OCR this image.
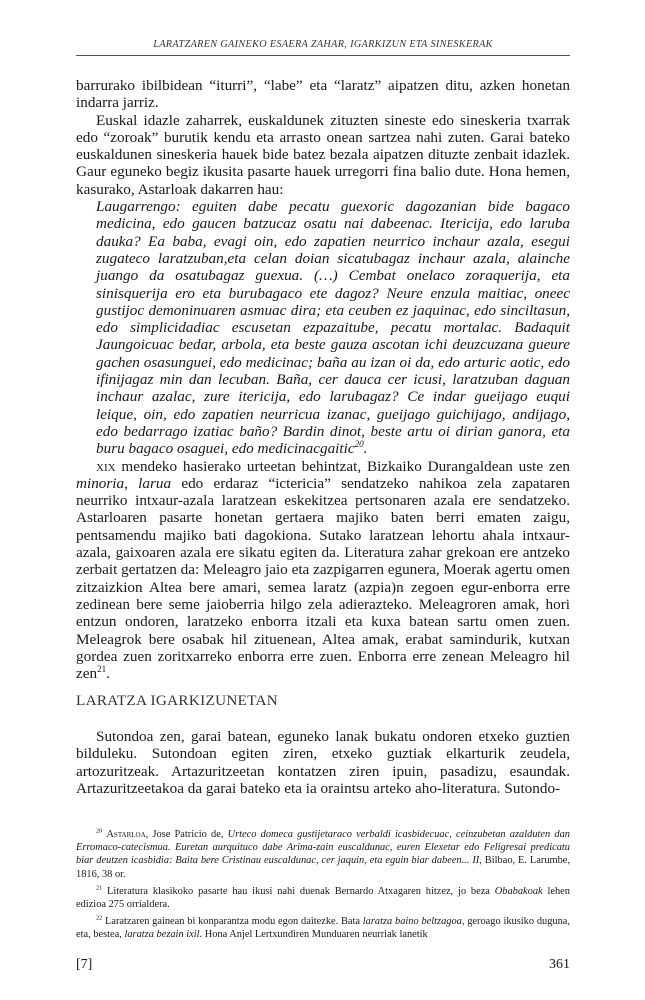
LARATZAREN GAINEKO ESAERA ZAHAR, IGARKIZUN ETA SINESKERAK

barrurako ibilbidean “iturri”, “labe” eta “laratz” aipatzen ditu, azken honetan indarra jarriz.

Euskal idazle zaharrek, euskaldunek zituzten sineste edo sineskeria txarrak edo “zoroak” burutik kendu eta arrasto onean sartzea nahi zuten. Garai bateko euskaldunen sineskeria hauek bide batez bezala aipatzen dituzte zenbait idazlek. Gaur eguneko begiz ikusita pasarte hauek urregorri fina balio dute. Hona hemen, kasurako, Astarloak dakarren hau:

Laugarrengo: eguiten dabe pecatu guexoric dagozanian bide bagaco medicina, edo gaucen batzucaz osatu nai dabeenac. Itericija, edo laruba dauka? Ea baba, evagi oin, edo zapatien neurrico inchaur azala, esegui zugateco laratzuban,eta celan doian sicatubagaz inchaur azala, alainche juango da osatubagaz guexua. (…) Cembat onelaco zoraquerija, eta sinisquerija ero eta burubagaco ete dagoz? Neure enzula maitiac, oneec gustijoc demoninuaren asmuac dira; eta ceuben ez jaquinac, edo sinciltasun, edo simplicidadiac escusetan ezpazaitube, pecatu mortalac. Badaquit Jaungoicuac bedar, arbola, eta beste gauza ascotan ichi deuzcuzana gueure gachen osasunguei, edo medicinac; baña au izan oi da, edo arturic aotic, edo ifinijagaz min dan lecuban. Baña, cer dauca cer icusi, laratzuban daguan inchaur azalac, zure itericija, edo larubagaz? Ce indar gueijago euqui leique, oin, edo zapatien neurricua izanac, gueijago guichijago, andijago, edo bedarrago izatiac baño? Bardin dinot, beste artu oi dirian ganora, eta buru bagaco osaguei, edo medicinacgaitic$^{20}$.

xix mendeko hasierako urteetan behintzat, Bizkaiko Durangaldean uste zen minoria, larua edo erdaraz “ictericia” sendatzeko nahikoa zela zapataren neurriko intxaur-azala laratzean eskekitzea pertsonaren azala ere sendatzeko. Astarloaren pasarte honetan gertaera majiko baten berri ematen zaigu, pentsamendu majiko bati dagokiona. Sutako laratzean lehortu ahala intxaur-azala, gaixoaren azala ere sikatu egiten da. Literatura zahar grekoan ere antzeko zerbait gertatzen da: Meleagro jaio eta zazpigarren egunera, Moerak agertu omen zitzaizkion Altea bere amari, semea laratz (azpia)n zegoen egur-enborra erre zedinean bere seme jaioberria hilgo zela adierazteko. Meleagroren amak, hori entzun ondoren, laratzeko enborra itzali eta kuxa batean sartu omen zuen. Meleagrok bere osabak hil zituenean, Altea amak, erabat samindurik, kutxan gordea zuen zoritxarreko enborra erre zuen. Enborra erre zenean Meleagro hil zen$^{21}$.

LARATZA IGARKIZUNETAN

Sutondoa zen, garai batean, eguneko lanak bukatu ondoren etxeko guztien bilduleku. Sutondoan egiten ziren, etxeko guztiak elkarturik zeudela, artozuritzeak. Artazuritzeetan kontatzen ziren ipuin, pasadizu, esaundak. Artazuritzeetakoa da garai bateko eta ia oraintsu arteko aho-literatura. Sutondo-

$^{20}$ Astarloa, Jose Patricio de, Urteco domeca gustijetaraco verbaldi icasbidecuac, ceinzubetan azalduten dan Erromaco-catecismua. Euretan aurquituco dabe Arima-zain euscaldunac, euren Elexetar edo Feligresai predicatu biar deutzen icasbidia: Baita bere Cristinau euscaldunac, cer jaquin, eta eguin biar dabeen... II, Bilbao, E. Larumbe, 1816, 38 or.

$^{21}$ Literatura klasikoko pasarte hau ikusi nahi duenak Bernardo Atxagaren hitzez, jo beza Obabakoak lehen edizioa 275 orrialdera.

$^{22}$ Laratzaren gainean bi konparantza modu egon daitezke. Bata laratza baino beltzagoa, geroago ikusiko duguna, eta, bestea, laratza bezain ixil. Hona Anjel Lertxundiren Munduaren neurriak lanetik

[7]	361
